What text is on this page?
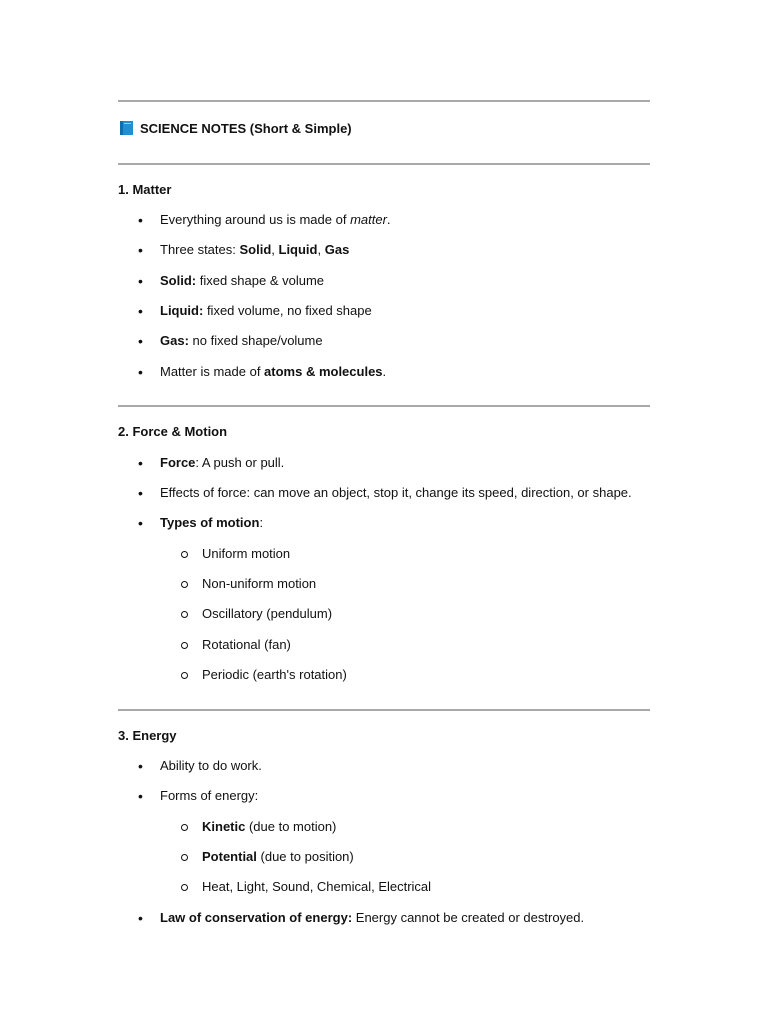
SCIENCE NOTES (Short & Simple)
1. Matter
• Everything around us is made of matter.
• Three states: Solid, Liquid, Gas
• Solid: fixed shape & volume
• Liquid: fixed volume, no fixed shape
• Gas: no fixed shape/volume
• Matter is made of atoms & molecules.
2. Force & Motion
• Force: A push or pull.
• Effects of force: can move an object, stop it, change its speed, direction, or shape.
• Types of motion:
Uniform motion
Non-uniform motion
Oscillatory (pendulum)
Rotational (fan)
Periodic (earth's rotation)
3. Energy
• Ability to do work.
• Forms of energy:
Kinetic (due to motion)
Potential (due to position)
Heat, Light, Sound, Chemical, Electrical
• Law of conservation of energy: Energy cannot be created or destroyed.
